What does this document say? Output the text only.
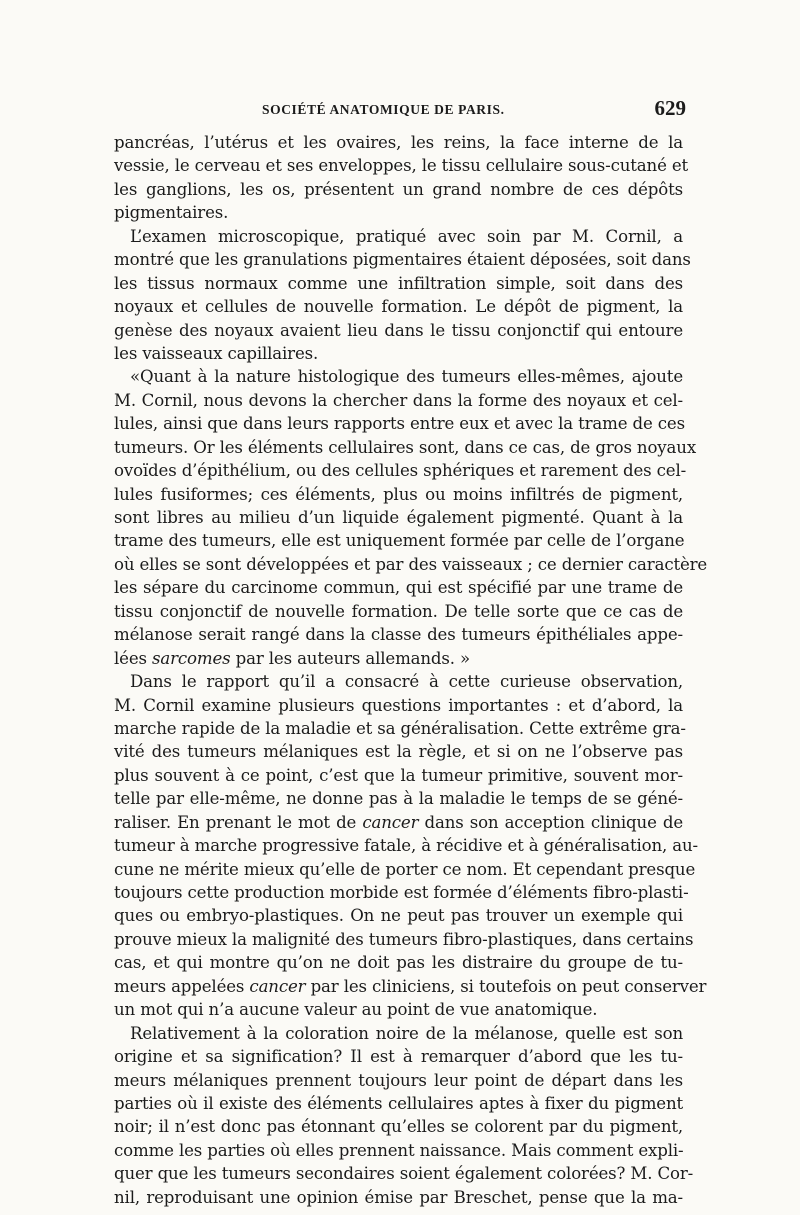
SOCIÉTÉ ANATOMIQUE DE PARIS.	629
pancréas, l’utérus et les ovaires, les reins, la face interne de la
vessie, le cerveau et ses enveloppes, le tissu cellulaire sous-cutané et
les ganglions, les os, présentent un grand nombre de ces dépôts
pigmentaires.
L’examen microscopique, pratiqué avec soin par M. Cornil, a
montré que les granulations pigmentaires étaient déposées, soit dans
les tissus normaux comme une infiltration simple, soit dans des
noyaux et cellules de nouvelle formation. Le dépôt de pigment, la
genèse des noyaux avaient lieu dans le tissu conjonctif qui entoure
les vaisseaux capillaires.
«Quant à la nature histologique des tumeurs elles-mêmes, ajoute
M. Cornil, nous devons la chercher dans la forme des noyaux et cel-
lules, ainsi que dans leurs rapports entre eux et avec la trame de ces
tumeurs. Or les éléments cellulaires sont, dans ce cas, de gros noyaux
ovoïdes d’épithélium, ou des cellules sphériques et rarement des cel-
lules fusiformes; ces éléments, plus ou moins infiltrés de pigment,
sont libres au milieu d’un liquide également pigmenté. Quant à la
trame des tumeurs, elle est uniquement formée par celle de l’organe
où elles se sont développées et par des vaisseaux ; ce dernier caractère
les sépare du carcinome commun, qui est spécifié par une trame de
tissu conjonctif de nouvelle formation. De telle sorte que ce cas de
mélanose serait rangé dans la classe des tumeurs épithéliales appe-
lées sarcomes par les auteurs allemands. »
Dans le rapport qu’il a consacré à cette curieuse observation,
M. Cornil examine plusieurs questions importantes : et d’abord, la
marche rapide de la maladie et sa généralisation. Cette extrême gra-
vité des tumeurs mélaniques est la règle, et si on ne l’observe pas
plus souvent à ce point, c’est que la tumeur primitive, souvent mor-
telle par elle-même, ne donne pas à la maladie le temps de se géné-
raliser. En prenant le mot de cancer dans son acception clinique de
tumeur à marche progressive fatale, à récidive et à généralisation, au-
cune ne mérite mieux qu’elle de porter ce nom. Et cependant presque
toujours cette production morbide est formée d’éléments fibro-plasti-
ques ou embryo-plastiques. On ne peut pas trouver un exemple qui
prouve mieux la malignité des tumeurs fibro-plastiques, dans certains
cas, et qui montre qu’on ne doit pas les distraire du groupe de tu-
meurs appelées cancer par les cliniciens, si toutefois on peut conserver
un mot qui n’a aucune valeur au point de vue anatomique.
Relativement à la coloration noire de la mélanose, quelle est son
origine et sa signification? Il est à remarquer d’abord que les tu-
meurs mélaniques prennent toujours leur point de départ dans les
parties où il existe des éléments cellulaires aptes à fixer du pigment
noir; il n’est donc pas étonnant qu’elles se colorent par du pigment,
comme les parties où elles prennent naissance. Mais comment expli-
quer que les tumeurs secondaires soient également colorées? M. Cor-
nil, reproduisant une opinion émise par Breschet, pense que la ma-
